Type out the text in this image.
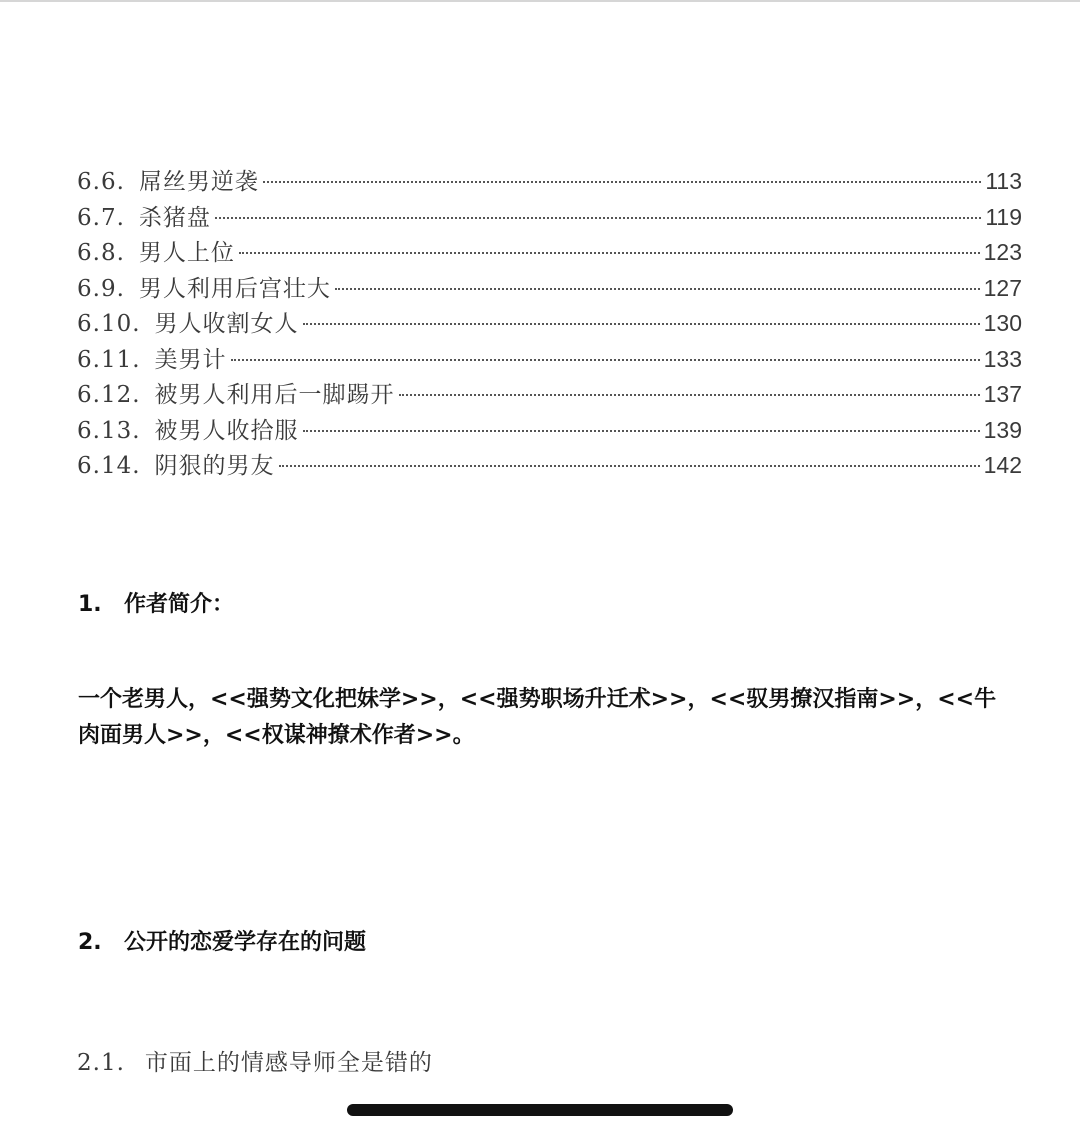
6.6. 屌丝男逆袭	113
6.7. 杀猪盘	119
6.8. 男人上位	123
6.9. 男人利用后宫壮大	127
6.10. 男人收割女人	130
6.11. 美男计	133
6.12. 被男人利用后一脚踢开	137
6.13. 被男人收拾服	139
6.14. 阴狠的男友	142
1. 作者简介：
一个老男人，<<强势文化把妹学>>，<<强势职场升迁术>>，<<驭男撩汉指南>>，<<牛肉面男人>>，<<权谋神撩术作者>>。
2. 公开的恋爱学存在的问题
2.1. 市面上的情感导师全是错的
